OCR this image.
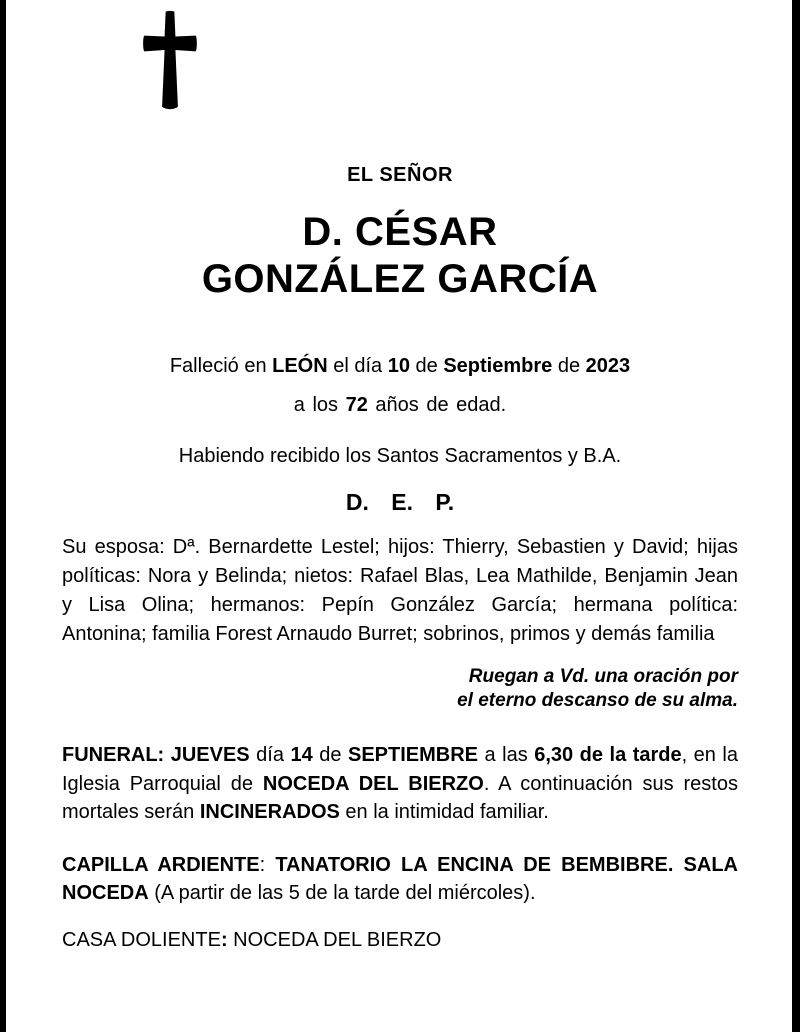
EL SEÑOR
D. CÉSAR
GONZÁLEZ GARCÍA
Falleció en LEÓN el día 10 de Septiembre de 2023
a los 72 años de edad.
Habiendo recibido los Santos Sacramentos y B.A.
D. E. P.
Su esposa: Dª. Bernardette Lestel; hijos: Thierry, Sebastien y David; hijas políticas: Nora y Belinda; nietos: Rafael Blas, Lea Mathilde, Benjamin Jean y Lisa Olina; hermanos: Pepín González García; hermana política: Antonina; familia Forest Arnaudo Burret; sobrinos, primos y demás familia
Ruegan a Vd. una oración por
el eterno descanso de su alma.
FUNERAL: JUEVES día 14 de SEPTIEMBRE a las 6,30 de la tarde, en la Iglesia Parroquial de NOCEDA DEL BIERZO. A continuación sus restos mortales serán INCINERADOS en la intimidad familiar.
CAPILLA ARDIENTE: TANATORIO LA ENCINA DE BEMBIBRE. SALA NOCEDA (A partir de las 5 de la tarde del miércoles).
CASA DOLIENTE: NOCEDA DEL BIERZO
